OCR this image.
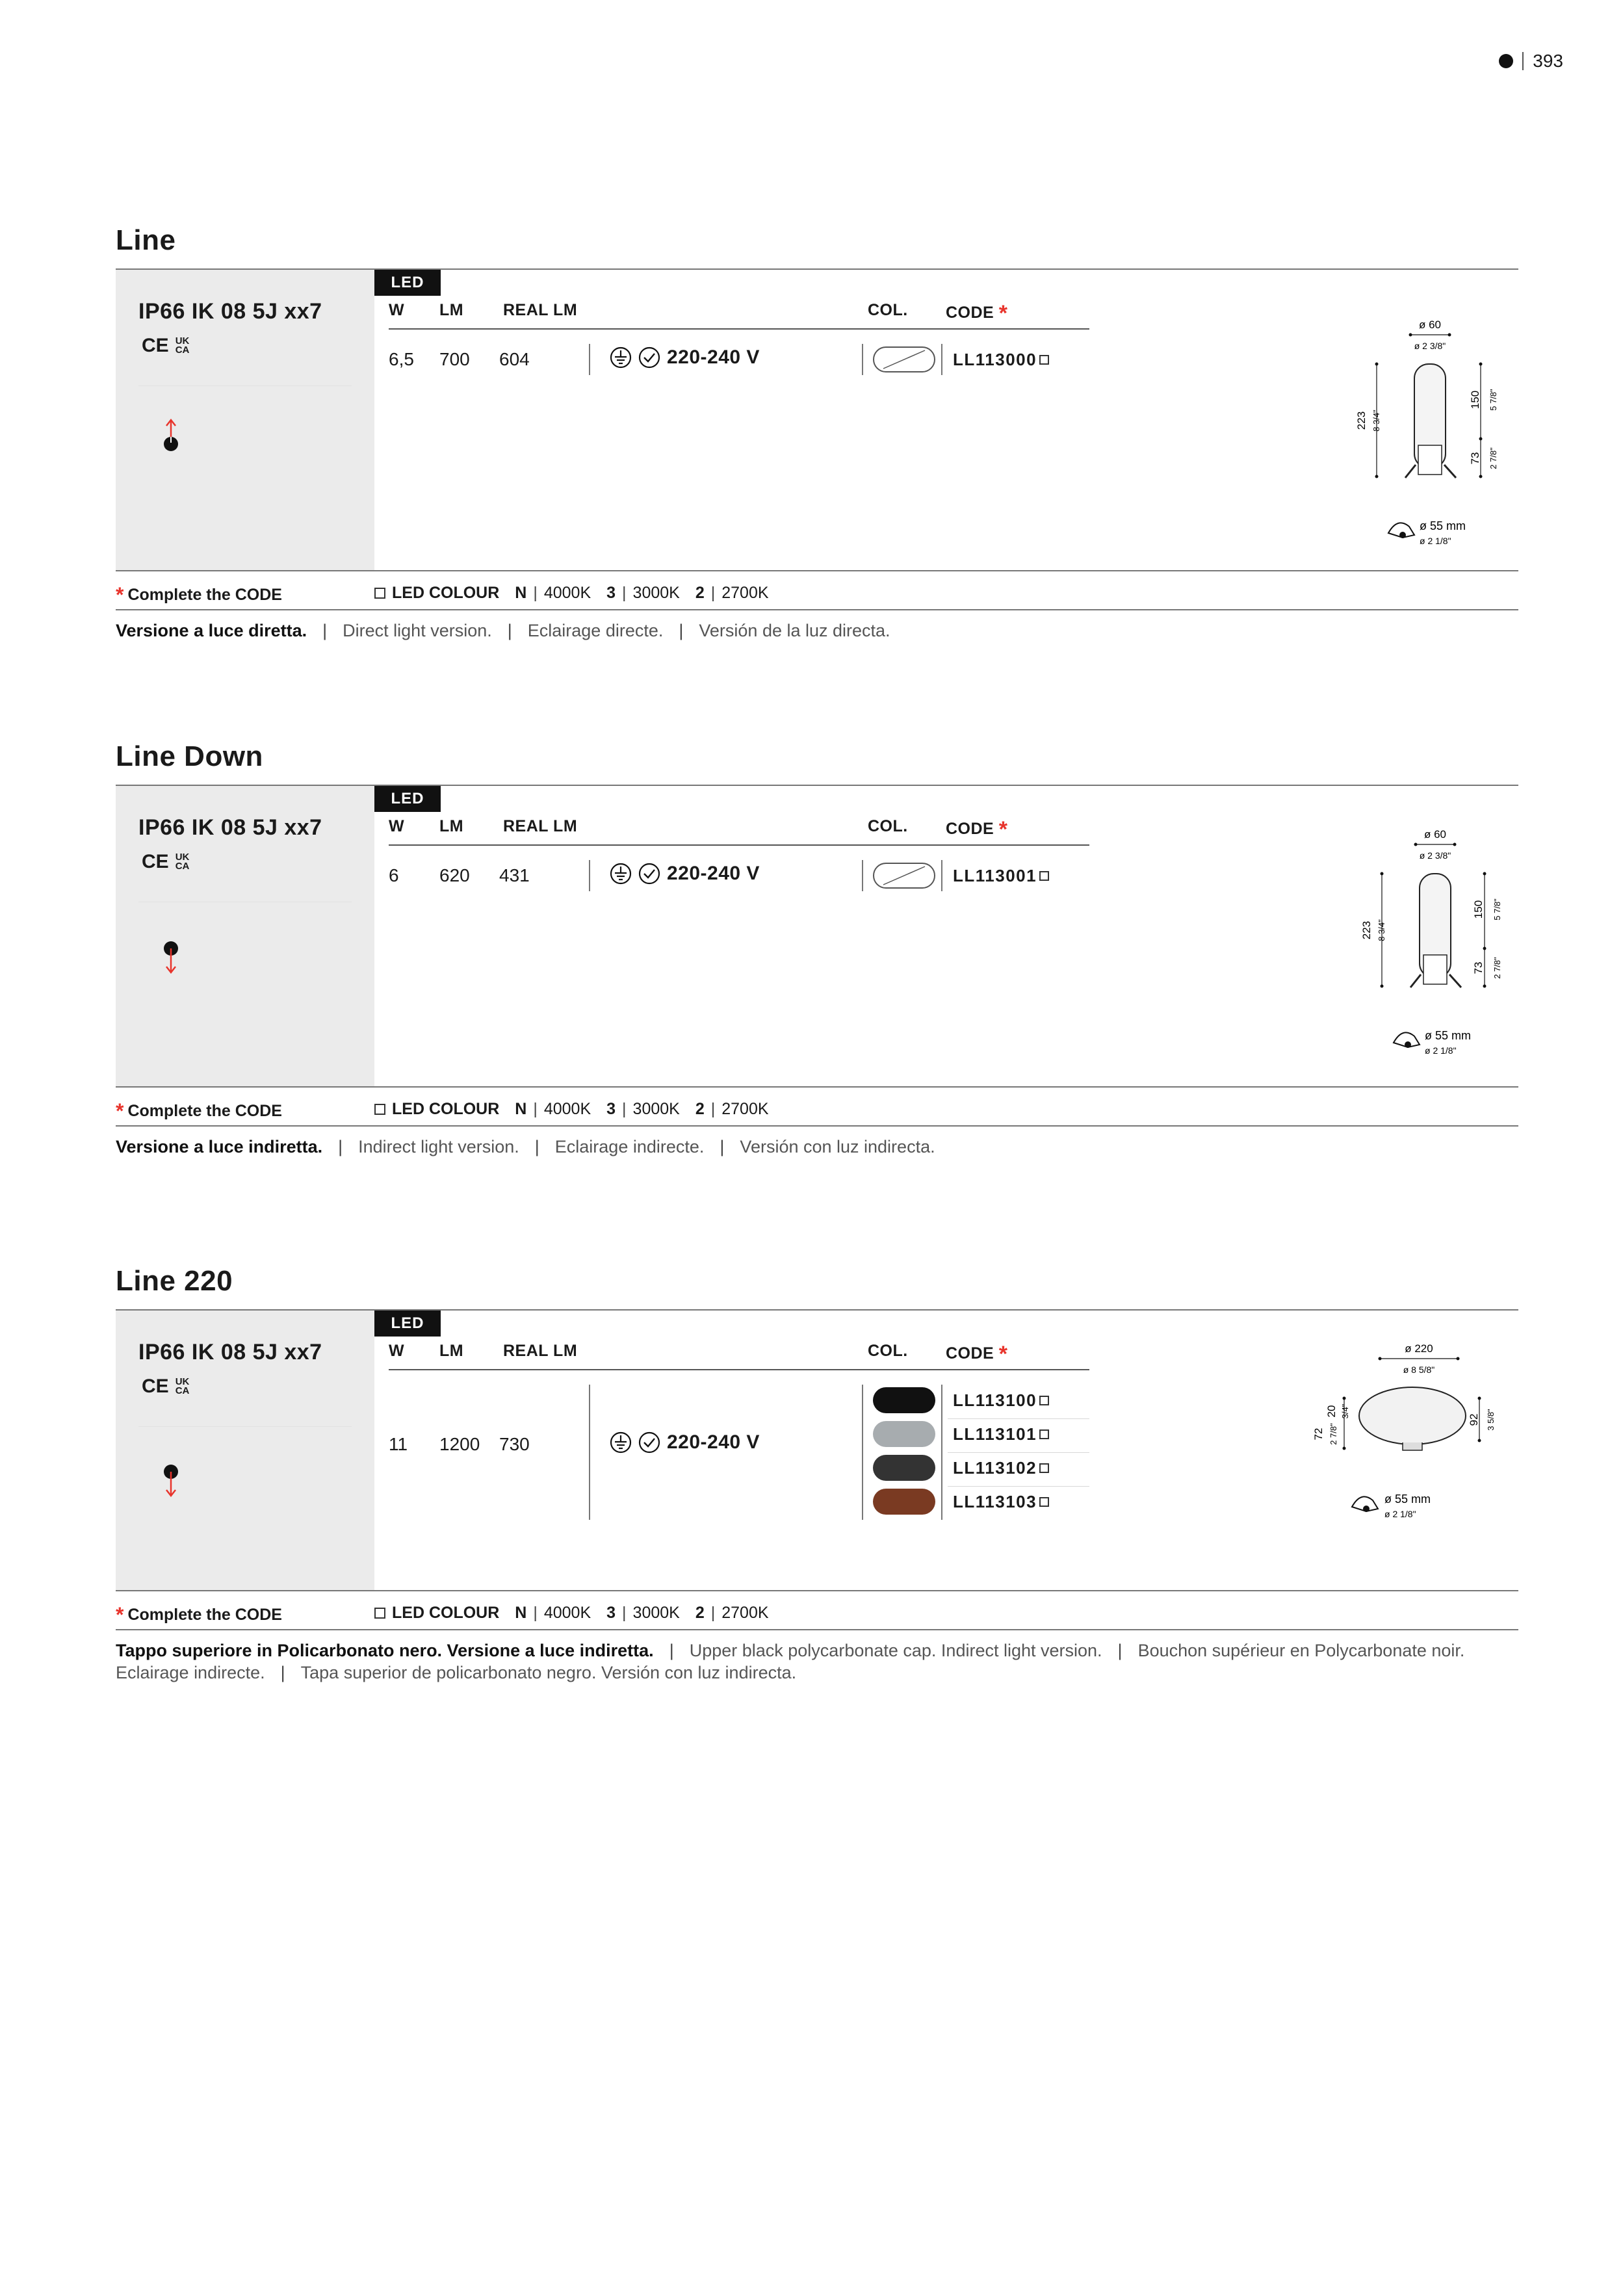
393
Line
IP66 IK 08 5J xx7
CE UK
CA
LED
W LM REAL LM	COL. CODE *
6,5 700 604	220-240 V	LL113000
ø 60
ø 2 3/8"
223 8 3/4"
150 5 7/8"
73 2 7/8"
ø 55 mm
ø 2 1/8"
* Complete the CODE	LED COLOUR N | 4000K 3 | 3000K 2 | 2700K
Versione a luce diretta. | Direct light version. | Eclairage directe. | Versión de la luz directa.
Line Down
IP66 IK 08 5J xx7
CE UK
CA
LED
W LM REAL LM	COL. CODE *
6 620 431	220-240 V	LL113001
ø 60
ø 2 3/8"
223 8 3/4"
150 5 7/8"
73 2 7/8"
ø 55 mm
ø 2 1/8"
* Complete the CODE	LED COLOUR N | 4000K 3 | 3000K 2 | 2700K
Versione a luce indiretta. | Indirect light version. | Eclairage indirecte. | Versión con luz indirecta.
Line 220
IP66 IK 08 5J xx7
CE UK
CA
LED
W LM REAL LM	COL. CODE *
11 1200 730	220-240 V
LL113100
LL113101
LL113102
LL113103
ø 220
ø 8 5/8"
20 3/4"
72 2 7/8"
92 3 5/8"
ø 55 mm
ø 2 1/8"
* Complete the CODE	LED COLOUR N | 4000K 3 | 3000K 2 | 2700K
Tappo superiore in Policarbonato nero. Versione a luce indiretta. | Upper black polycarbonate cap. Indirect light version. | Bouchon supérieur en Polycarbonate noir. Eclairage indirecte. | Tapa superior de policarbonato negro. Versión con luz indirecta.
